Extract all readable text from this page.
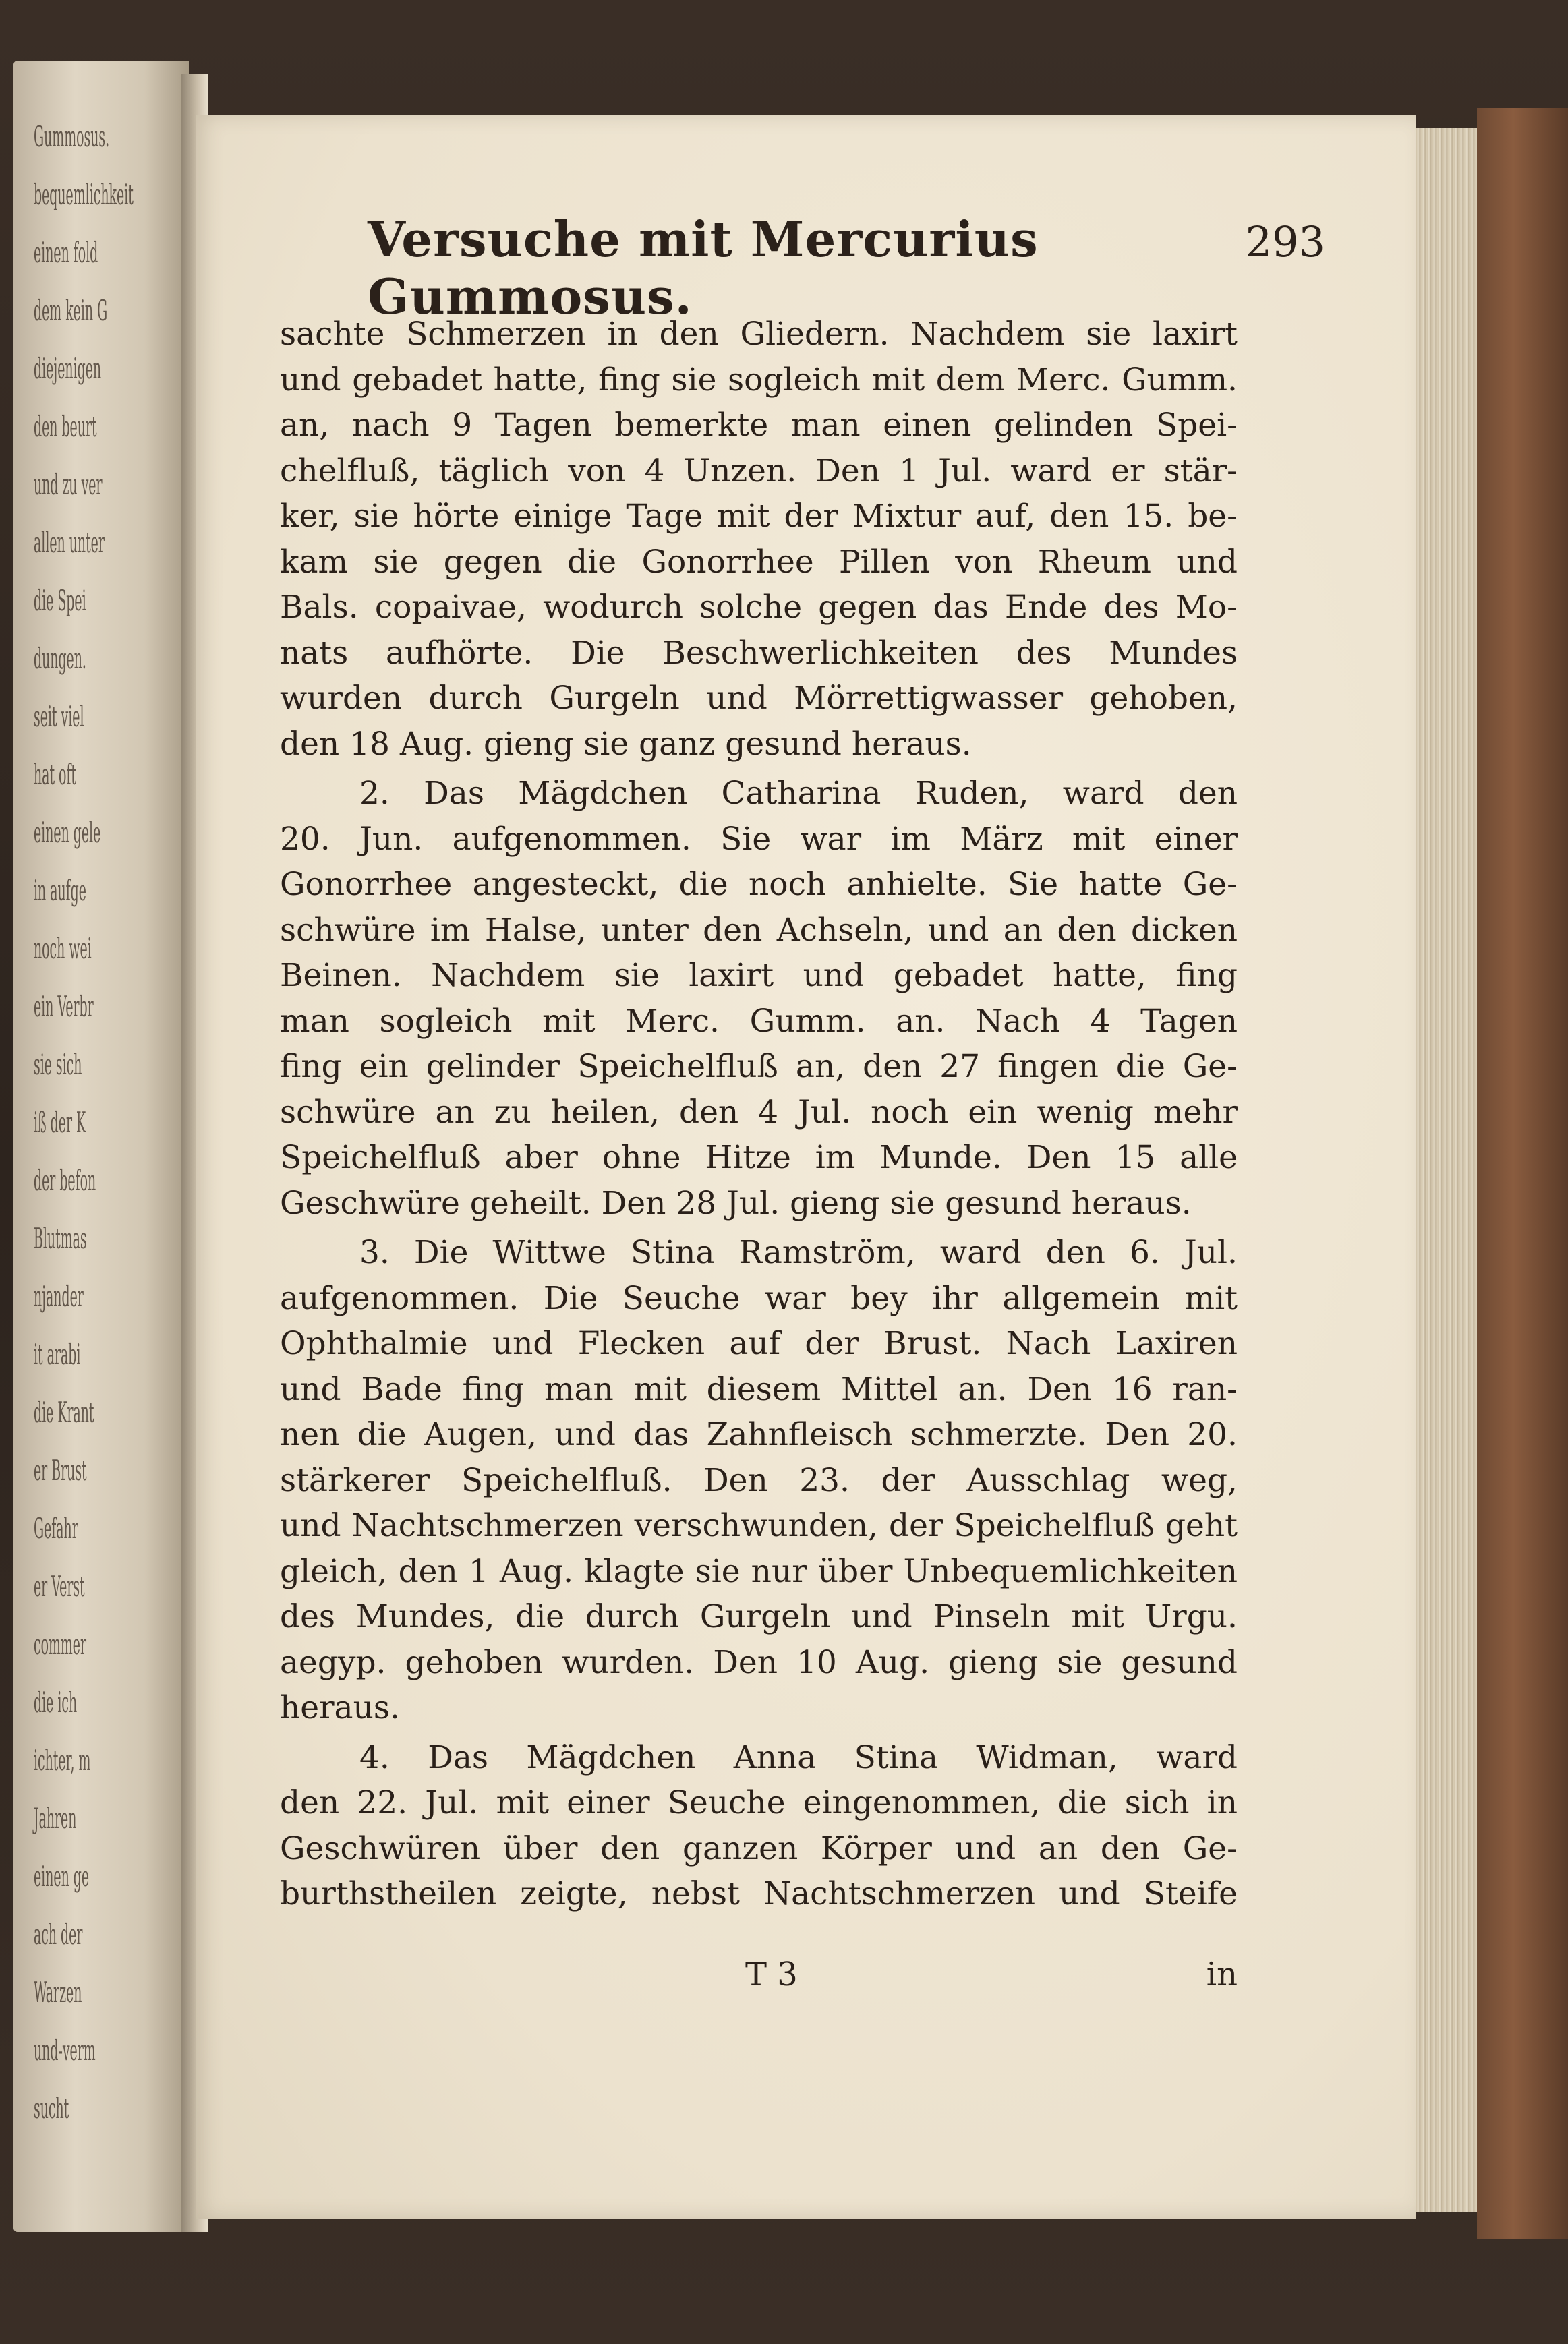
Gummosus.
bequemlichkeit
einen fold
dem kein G
diejenigen
den beurt
und zu ver
allen unter
die Spei
dungen.
seit viel
hat oft
einen gele
in aufge
noch wei
ein Verbr
sie sich
iß der K
der befon
Blutmas
njander
it arabi
die Krant
er Brust
Gefahr
er Verst
commer
die ich
ichter, m
Jahren
einen ge
ach der
Warzen
und-verm
sucht
Versuche mit Mercurius Gummosus.
293
sachte Schmerzen in den Gliedern. Nachdem sie laxirt
und gebadet hatte, fing sie sogleich mit dem Merc. Gumm.
an, nach 9 Tagen bemerkte man einen gelinden Spei-
chelfluß, täglich von 4 Unzen. Den 1 Jul. ward er stär-
ker, sie hörte einige Tage mit der Mixtur auf, den 15. be-
kam sie gegen die Gonorrhee Pillen von Rheum und
Bals. copaivae, wodurch solche gegen das Ende des Mo-
nats aufhörte. Die Beschwerlichkeiten des Mundes
wurden durch Gurgeln und Mörrettigwasser gehoben,
den 18 Aug. gieng sie ganz gesund heraus.
2. Das Mägdchen Catharina Ruden, ward den
20. Jun. aufgenommen. Sie war im März mit einer
Gonorrhee angesteckt, die noch anhielte. Sie hatte Ge-
schwüre im Halse, unter den Achseln, und an den dicken
Beinen. Nachdem sie laxirt und gebadet hatte, fing
man sogleich mit Merc. Gumm. an. Nach 4 Tagen
fing ein gelinder Speichelfluß an, den 27 fingen die Ge-
schwüre an zu heilen, den 4 Jul. noch ein wenig mehr
Speichelfluß aber ohne Hitze im Munde. Den 15 alle
Geschwüre geheilt. Den 28 Jul. gieng sie gesund heraus.
3. Die Wittwe Stina Ramström, ward den 6. Jul.
aufgenommen. Die Seuche war bey ihr allgemein mit
Ophthalmie und Flecken auf der Brust. Nach Laxiren
und Bade fing man mit diesem Mittel an. Den 16 ran-
nen die Augen, und das Zahnfleisch schmerzte. Den 20.
stärkerer Speichelfluß. Den 23. der Ausschlag weg,
und Nachtschmerzen verschwunden, der Speichelfluß geht
gleich, den 1 Aug. klagte sie nur über Unbequemlichkeiten
des Mundes, die durch Gurgeln und Pinseln mit Urgu.
aegyp. gehoben wurden. Den 10 Aug. gieng sie gesund
heraus.
4. Das Mägdchen Anna Stina Widman, ward
den 22. Jul. mit einer Seuche eingenommen, die sich in
Geschwüren über den ganzen Körper und an den Ge-
burthstheilen zeigte, nebst Nachtschmerzen und Steife
T 3	in
